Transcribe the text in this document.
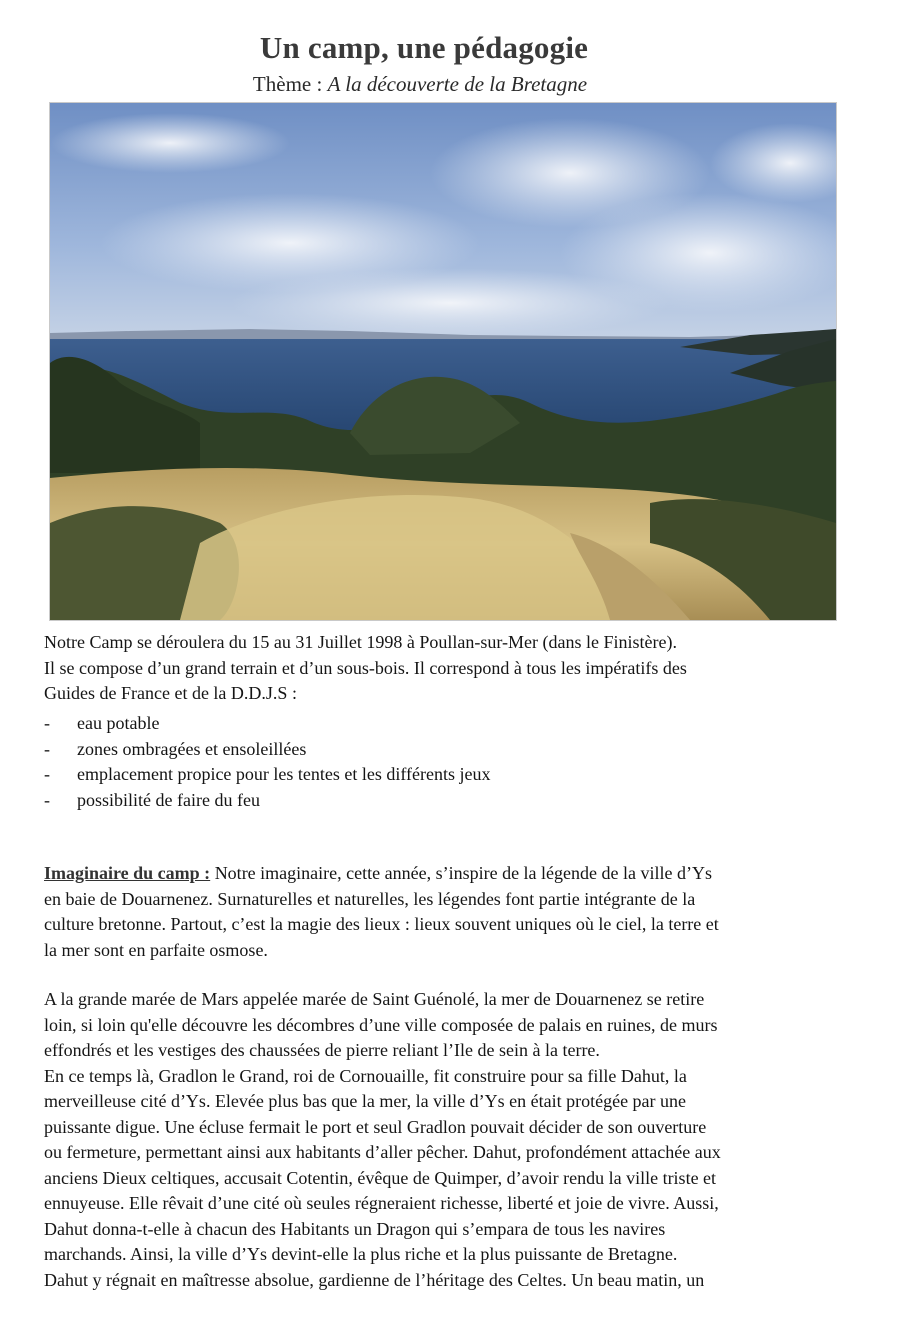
Un camp, une pédagogie
Thème : A la découverte de la Bretagne
Notre Camp se déroulera du 15 au 31 Juillet 1998 à Poullan-sur-Mer (dans le Finistère).
Il se compose d’un grand terrain et d’un sous-bois. Il correspond à tous les impératifs des
Guides de France et de la D.D.J.S :
-	eau potable
-	zones ombragées et ensoleillées
-	emplacement propice pour les tentes et les différents jeux
-	possibilité de faire du feu
Imaginaire du camp : Notre imaginaire, cette année, s’inspire de la légende de la ville d’Ys
en baie de Douarnenez. Surnaturelles et naturelles, les légendes font partie intégrante de la
culture bretonne. Partout, c’est la magie des lieux : lieux souvent uniques où le ciel, la terre et
la mer sont en parfaite osmose.
A la grande marée de Mars appelée marée de Saint Guénolé, la mer de Douarnenez se retire
loin, si loin qu'elle découvre les décombres d’une ville composée de palais en ruines, de murs
effondrés et les vestiges des chaussées de pierre reliant l’Ile de sein à la terre.
En ce temps là, Gradlon le Grand, roi de Cornouaille, fit construire pour sa fille Dahut, la
merveilleuse cité d’Ys. Elevée plus bas que la mer, la ville d’Ys en était protégée par une
puissante digue. Une écluse fermait le port et seul Gradlon pouvait décider de son ouverture
ou fermeture, permettant ainsi aux habitants d’aller pêcher. Dahut, profondément attachée aux
anciens Dieux celtiques, accusait Cotentin, évêque de Quimper, d’avoir rendu la ville triste et
ennuyeuse. Elle rêvait d’une cité où seules régneraient richesse, liberté et joie de vivre. Aussi,
Dahut donna-t-elle à chacun des Habitants un Dragon qui s’empara de tous les navires
marchands. Ainsi, la ville d’Ys devint-elle la plus riche et la plus puissante de Bretagne.
Dahut y régnait en maîtresse absolue, gardienne de l’héritage des Celtes. Un beau matin, un
